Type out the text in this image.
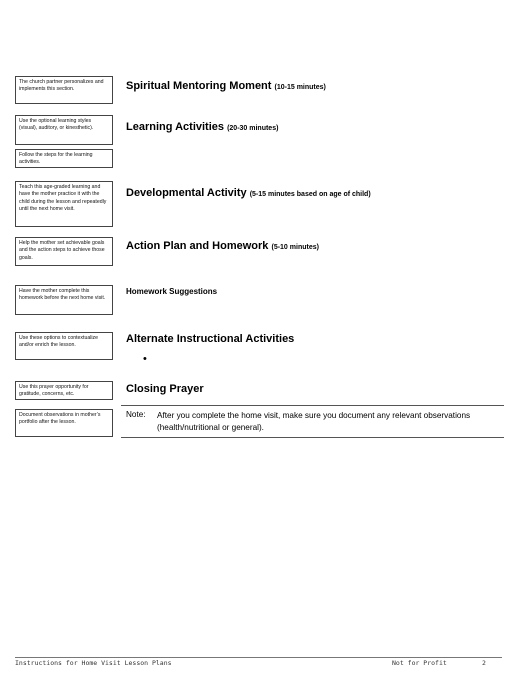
The church partner personalizes and implements this section.
Use the optional learning styles (visual), auditory, or kinesthetic).
Follow the steps for the learning activities.
Teach this age-graded learning and have the mother practice it with the child during the lesson and repeatedly until the next home visit.
Help the mother set achievable goals and the action steps to achieve those goals.
Have the mother complete this homework before the next home visit.
Use these options to contextualize and/or enrich the lesson.
Use this prayer opportunity for gratitude, concerns, etc.
Document observations in mother’s portfolio after the lesson.
Spiritual Mentoring Moment (10-15 minutes)
Learning Activities (20-30 minutes)
Developmental Activity (5-15 minutes based on age of child)
Action Plan and Homework (5-10 minutes)
Homework Suggestions
Alternate Instructional Activities
•
Closing Prayer
Note: After you complete the home visit, make sure you document any relevant observations (health/nutritional or general).
Instructions for Home Visit Lesson Plans	Not for Profit	2
